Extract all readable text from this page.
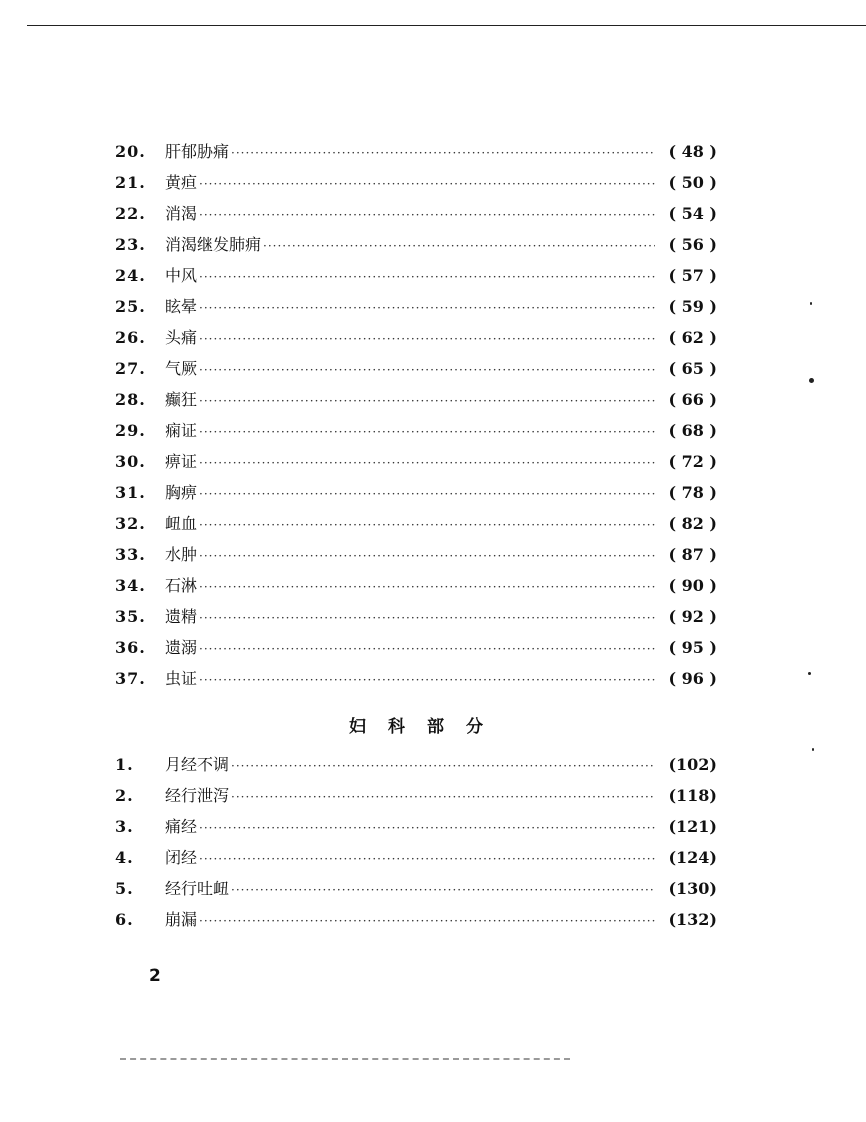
20.	肝郁胁痛 ·····	( 48 )
21.	黄疸 ·····	( 50 )
22.	消渴 ·····	( 54 )
23.	消渴继发肺痈 ·····	( 56 )
24.	中风 ·····	( 57 )
25.	眩晕 ·····	( 59 )
26.	头痛 ·····	( 62 )
27.	气厥 ·····	( 65 )
28.	癫狂 ·····	( 66 )
29.	痫证 ·····	( 68 )
30.	痹证 ·····	( 72 )
31.	胸痹 ·····	( 78 )
32.	衄血 ·····	( 82 )
33.	水肿 ·····	( 87 )
34.	石淋 ·····	( 90 )
35.	遗精 ·····	( 92 )
36.	遗溺 ·····	( 95 )
37.	虫证 ·····	( 96 )
妇科部分
1.	月经不调 ·····	(102)
2.	经行泄泻 ·····	(118)
3.	痛经 ·····	(121)
4.	闭经 ·····	(124)
5.	经行吐衄 ·····	(130)
6.	崩漏 ·····	(132)
2
